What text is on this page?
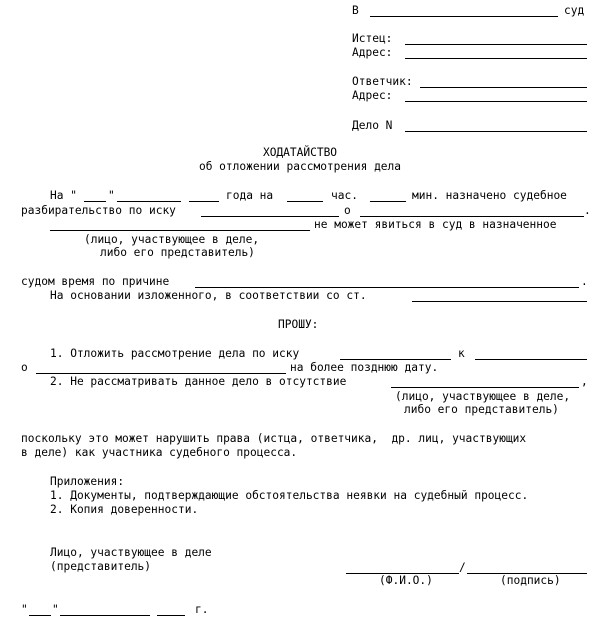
В	суд
Истец:
Адрес:
Ответчик:
Адрес:
Дело N
ХОДАТАЙСТВО
об отложении рассмотрения дела
На "	"	года на	час.	мин. назначено судебное
разбирательство по иску	о	.
не может явиться в суд в назначенное
(лицо, участвующее в деле,
либо его представитель)
судом время по причине	.
На основании изложенного, в соответствии со ст.
ПРОШУ:
1. Отложить рассмотрение дела по иску	к
о	на более позднюю дату.
2. Не рассматривать данное дело в отсутствие	,
(лицо, участвующее в деле,
либо его представитель)
поскольку это может нарушить права (истца, ответчика,  др. лиц, участвующих
в деле) как участника судебного процесса.
Приложения:
1. Документы, подтверждающие обстоятельства неявки на судебный процесс.
2. Копия доверенности.
Лицо, участвующее в деле
(представитель)	/
(Ф.И.О.)	(подпись)
" "	г.
